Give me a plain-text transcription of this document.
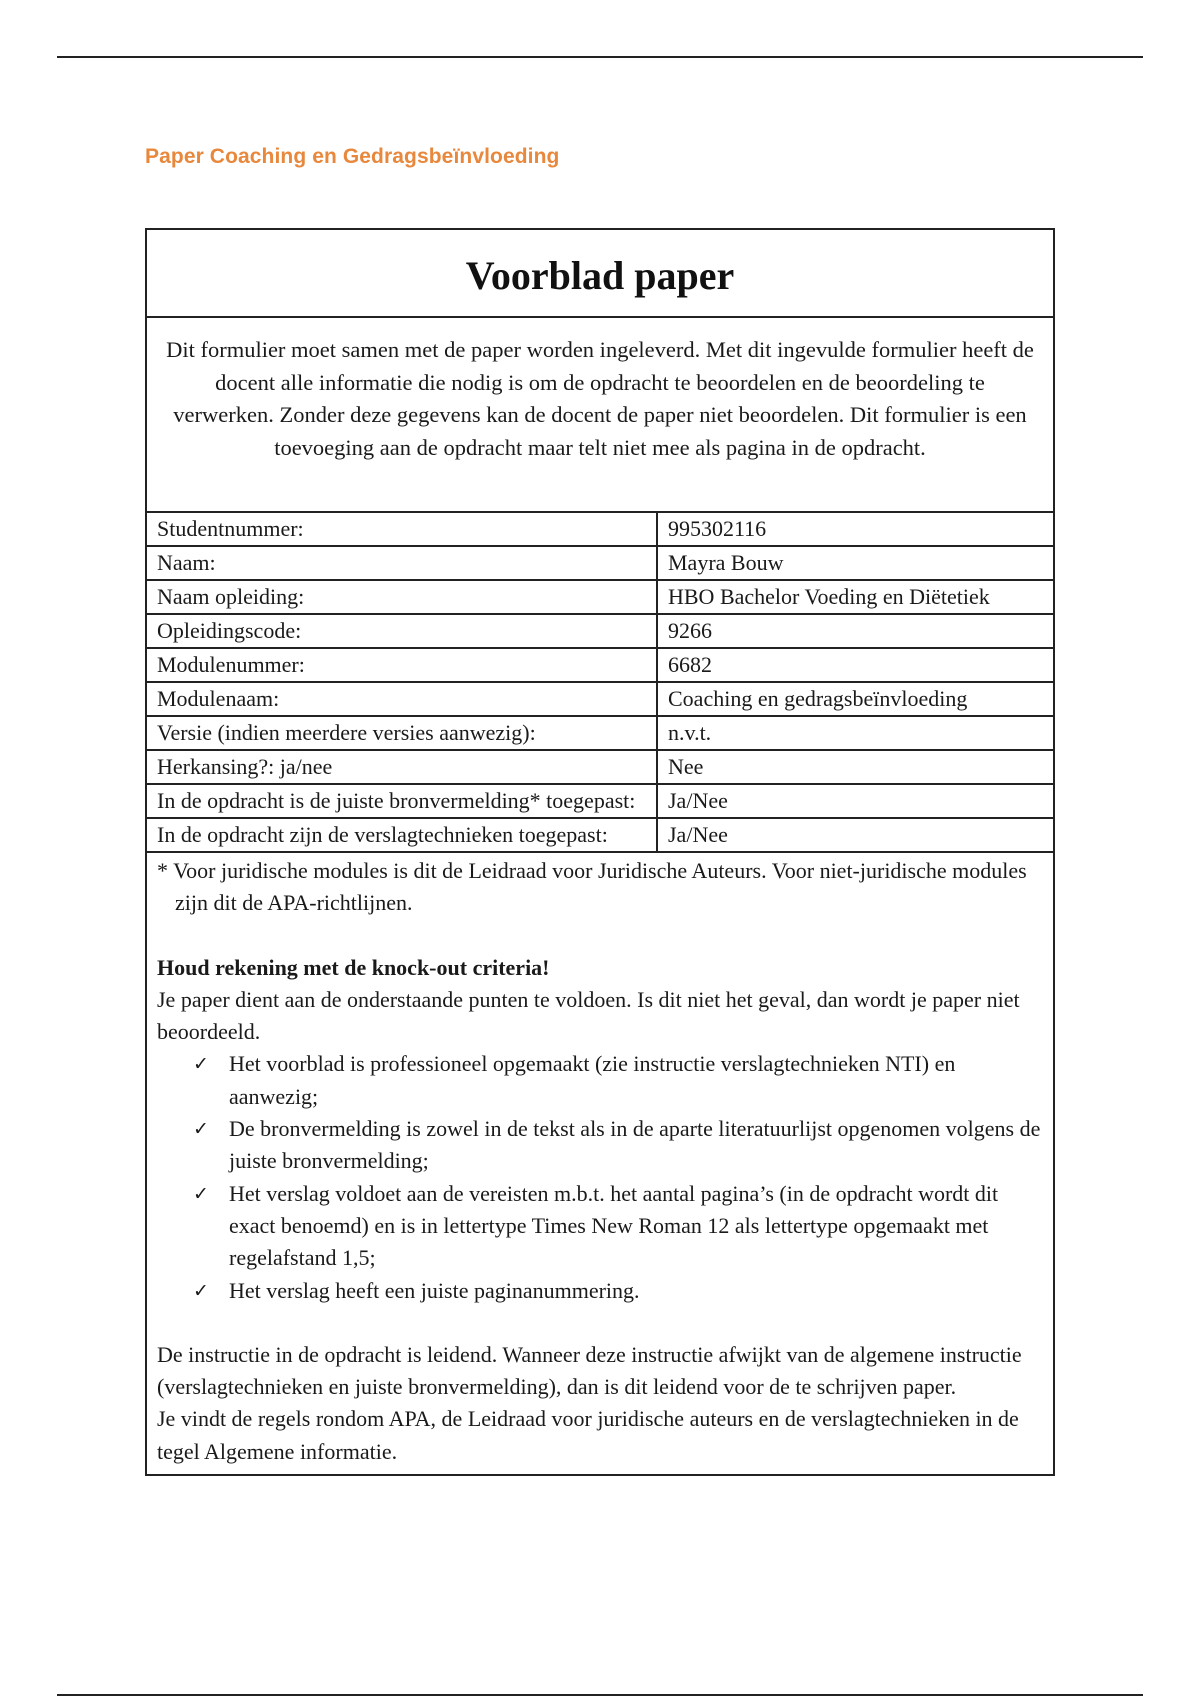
Paper Coaching en Gedragsbeïnvloeding
Voorblad paper
Dit formulier moet samen met de paper worden ingeleverd. Met dit ingevulde formulier heeft de docent alle informatie die nodig is om de opdracht te beoordelen en de beoordeling te verwerken. Zonder deze gegevens kan de docent de paper niet beoordelen. Dit formulier is een toevoeging aan de opdracht maar telt niet mee als pagina in de opdracht.
Studentnummer:	995302116
Naam:	Mayra Bouw
Naam opleiding:	HBO Bachelor Voeding en Diëtetiek
Opleidingscode:	9266
Modulenummer:	6682
Modulenaam:	Coaching en gedragsbeïnvloeding
Versie (indien meerdere versies aanwezig):	n.v.t.
Herkansing?: ja/nee	Nee
In de opdracht is de juiste bronvermelding* toegepast:	Ja/Nee
In de opdracht zijn de verslagtechnieken toegepast:	Ja/Nee
* Voor juridische modules is dit de Leidraad voor Juridische Auteurs. Voor niet-juridische modules zijn dit de APA-richtlijnen.
Houd rekening met de knock-out criteria!
Je paper dient aan de onderstaande punten te voldoen. Is dit niet het geval, dan wordt je paper niet beoordeeld.
✓ Het voorblad is professioneel opgemaakt (zie instructie verslagtechnieken NTI) en aanwezig;
✓ De bronvermelding is zowel in de tekst als in de aparte literatuurlijst opgenomen volgens de juiste bronvermelding;
✓ Het verslag voldoet aan de vereisten m.b.t. het aantal pagina’s (in de opdracht wordt dit exact benoemd) en is in lettertype Times New Roman 12 als lettertype opgemaakt met regelafstand 1,5;
✓ Het verslag heeft een juiste paginanummering.
De instructie in de opdracht is leidend. Wanneer deze instructie afwijkt van de algemene instructie (verslagtechnieken en juiste bronvermelding), dan is dit leidend voor de te schrijven paper.
Je vindt de regels rondom APA, de Leidraad voor juridische auteurs en de verslagtechnieken in de tegel Algemene informatie.
